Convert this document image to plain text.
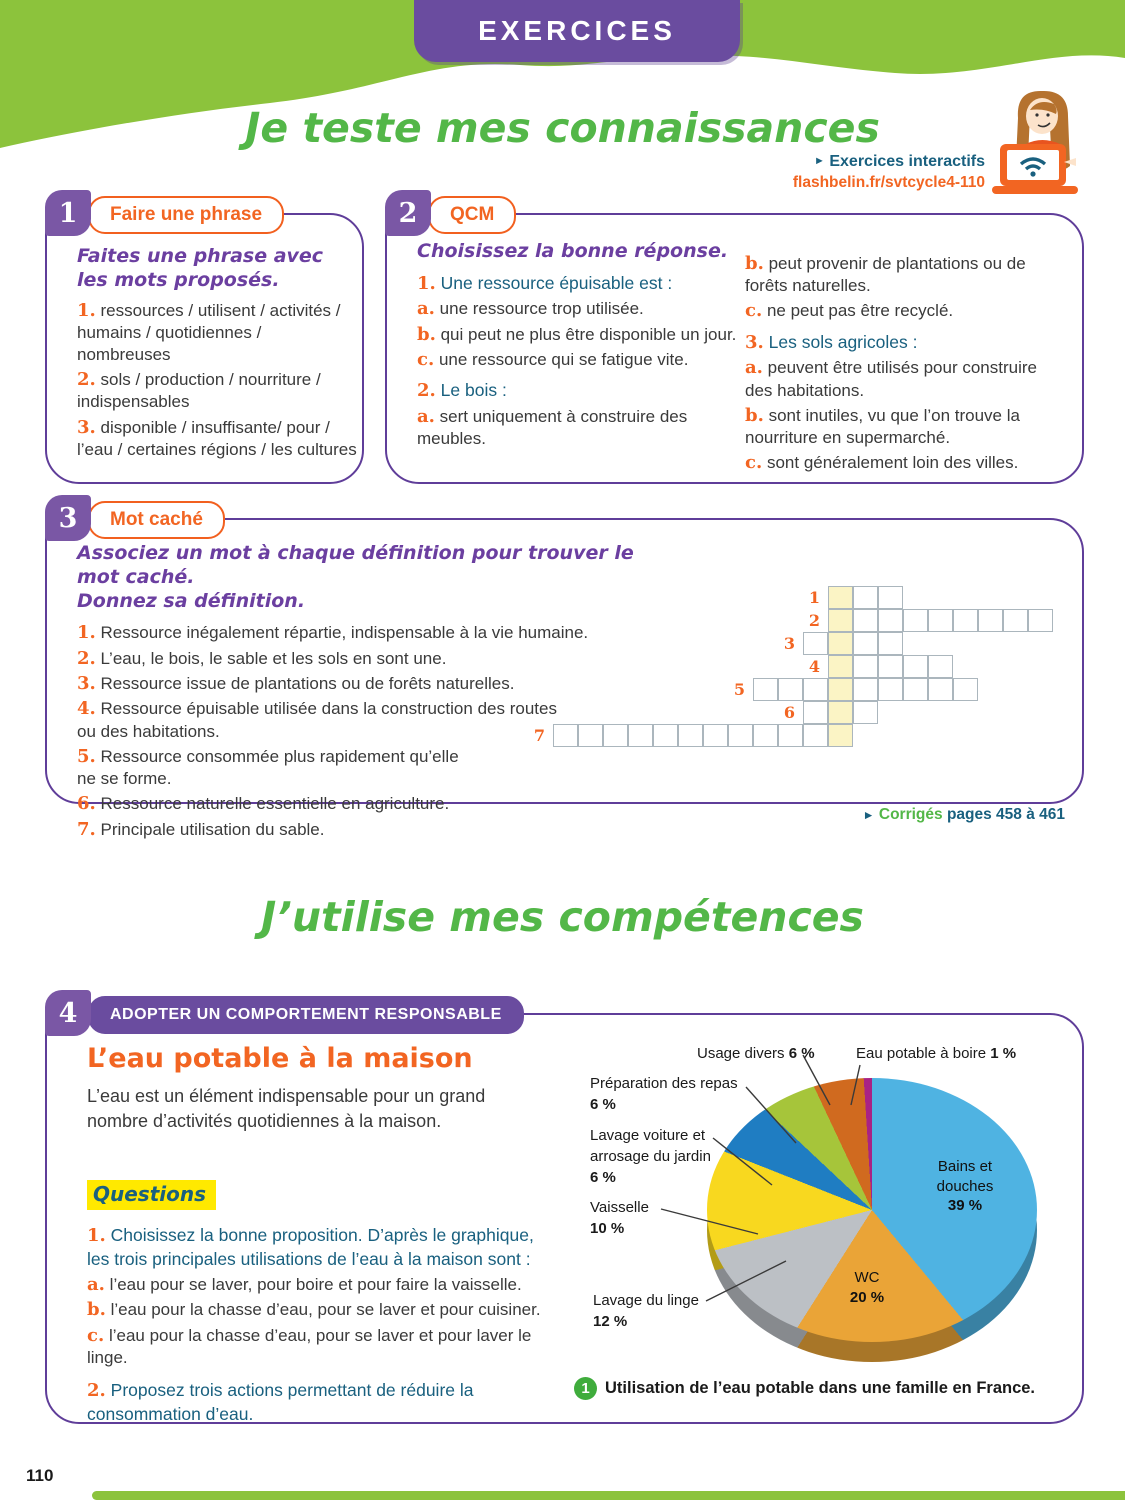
EXERCICES
Je teste mes connaissances
► Exercices interactifs
flashbelin.fr/svtcycle4-110
1 Faire une phrase
Faites une phrase avec les mots proposés.
1. ressources / utilisent / activités / humains / quotidiennes / nombreuses
2. sols / production / nourriture / indispensables
3. disponible / insuffisante/ pour / l’eau / certaines régions / les cultures
2 QCM
Choisissez la bonne réponse.
1. Une ressource épuisable est :
a. une ressource trop utilisée.
b. qui peut ne plus être disponible un jour.
c. une ressource qui se fatigue vite.
2. Le bois :
a. sert uniquement à construire des meubles.
b. peut provenir de plantations ou de forêts naturelles.
c. ne peut pas être recyclé.
3. Les sols agricoles :
a. peuvent être utilisés pour construire des habitations.
b. sont inutiles, vu que l’on trouve la nourriture en supermarché.
c. sont généralement loin des villes.
3 Mot caché
Associez un mot à chaque définition pour trouver le mot caché.
Donnez sa définition.
1. Ressource inégalement répartie, indispensable à la vie humaine.
2. L’eau, le bois, le sable et les sols en sont une.
3. Ressource issue de plantations ou de forêts naturelles.
4. Ressource épuisable utilisée dans la construction des routes
ou des habitations.
5. Ressource consommée plus rapidement qu’elle
ne se forme.
6. Ressource naturelle essentielle en agriculture.
7. Principale utilisation du sable.
1
2
3
4
5
6
7
► Corrigés pages 458 à 461
J’utilise mes compétences
4 ADOPTER UN COMPORTEMENT RESPONSABLE
L’eau potable à la maison
L’eau est un élément indispensable pour un grand nombre d’activités quotidiennes à la maison.
Questions
1. Choisissez la bonne proposition. D’après le graphique, les trois principales utilisations de l’eau à la maison sont :
a. l’eau pour se laver, pour boire et pour faire la vaisselle.
b. l’eau pour la chasse d’eau, pour se laver et pour cuisiner.
c. l’eau pour la chasse d’eau, pour se laver et pour laver le linge.
2. Proposez trois actions permettant de réduire la consommation d’eau.
Usage divers 6 %	Eau potable à boire 1 %
Préparation des repas
6 %
Lavage voiture et arrosage du jardin
6 %
Vaisselle
10 %
Lavage du linge
12 %
Bains et douches
39 %
WC
20 %
1 Utilisation de l’eau potable dans une famille en France.
110
